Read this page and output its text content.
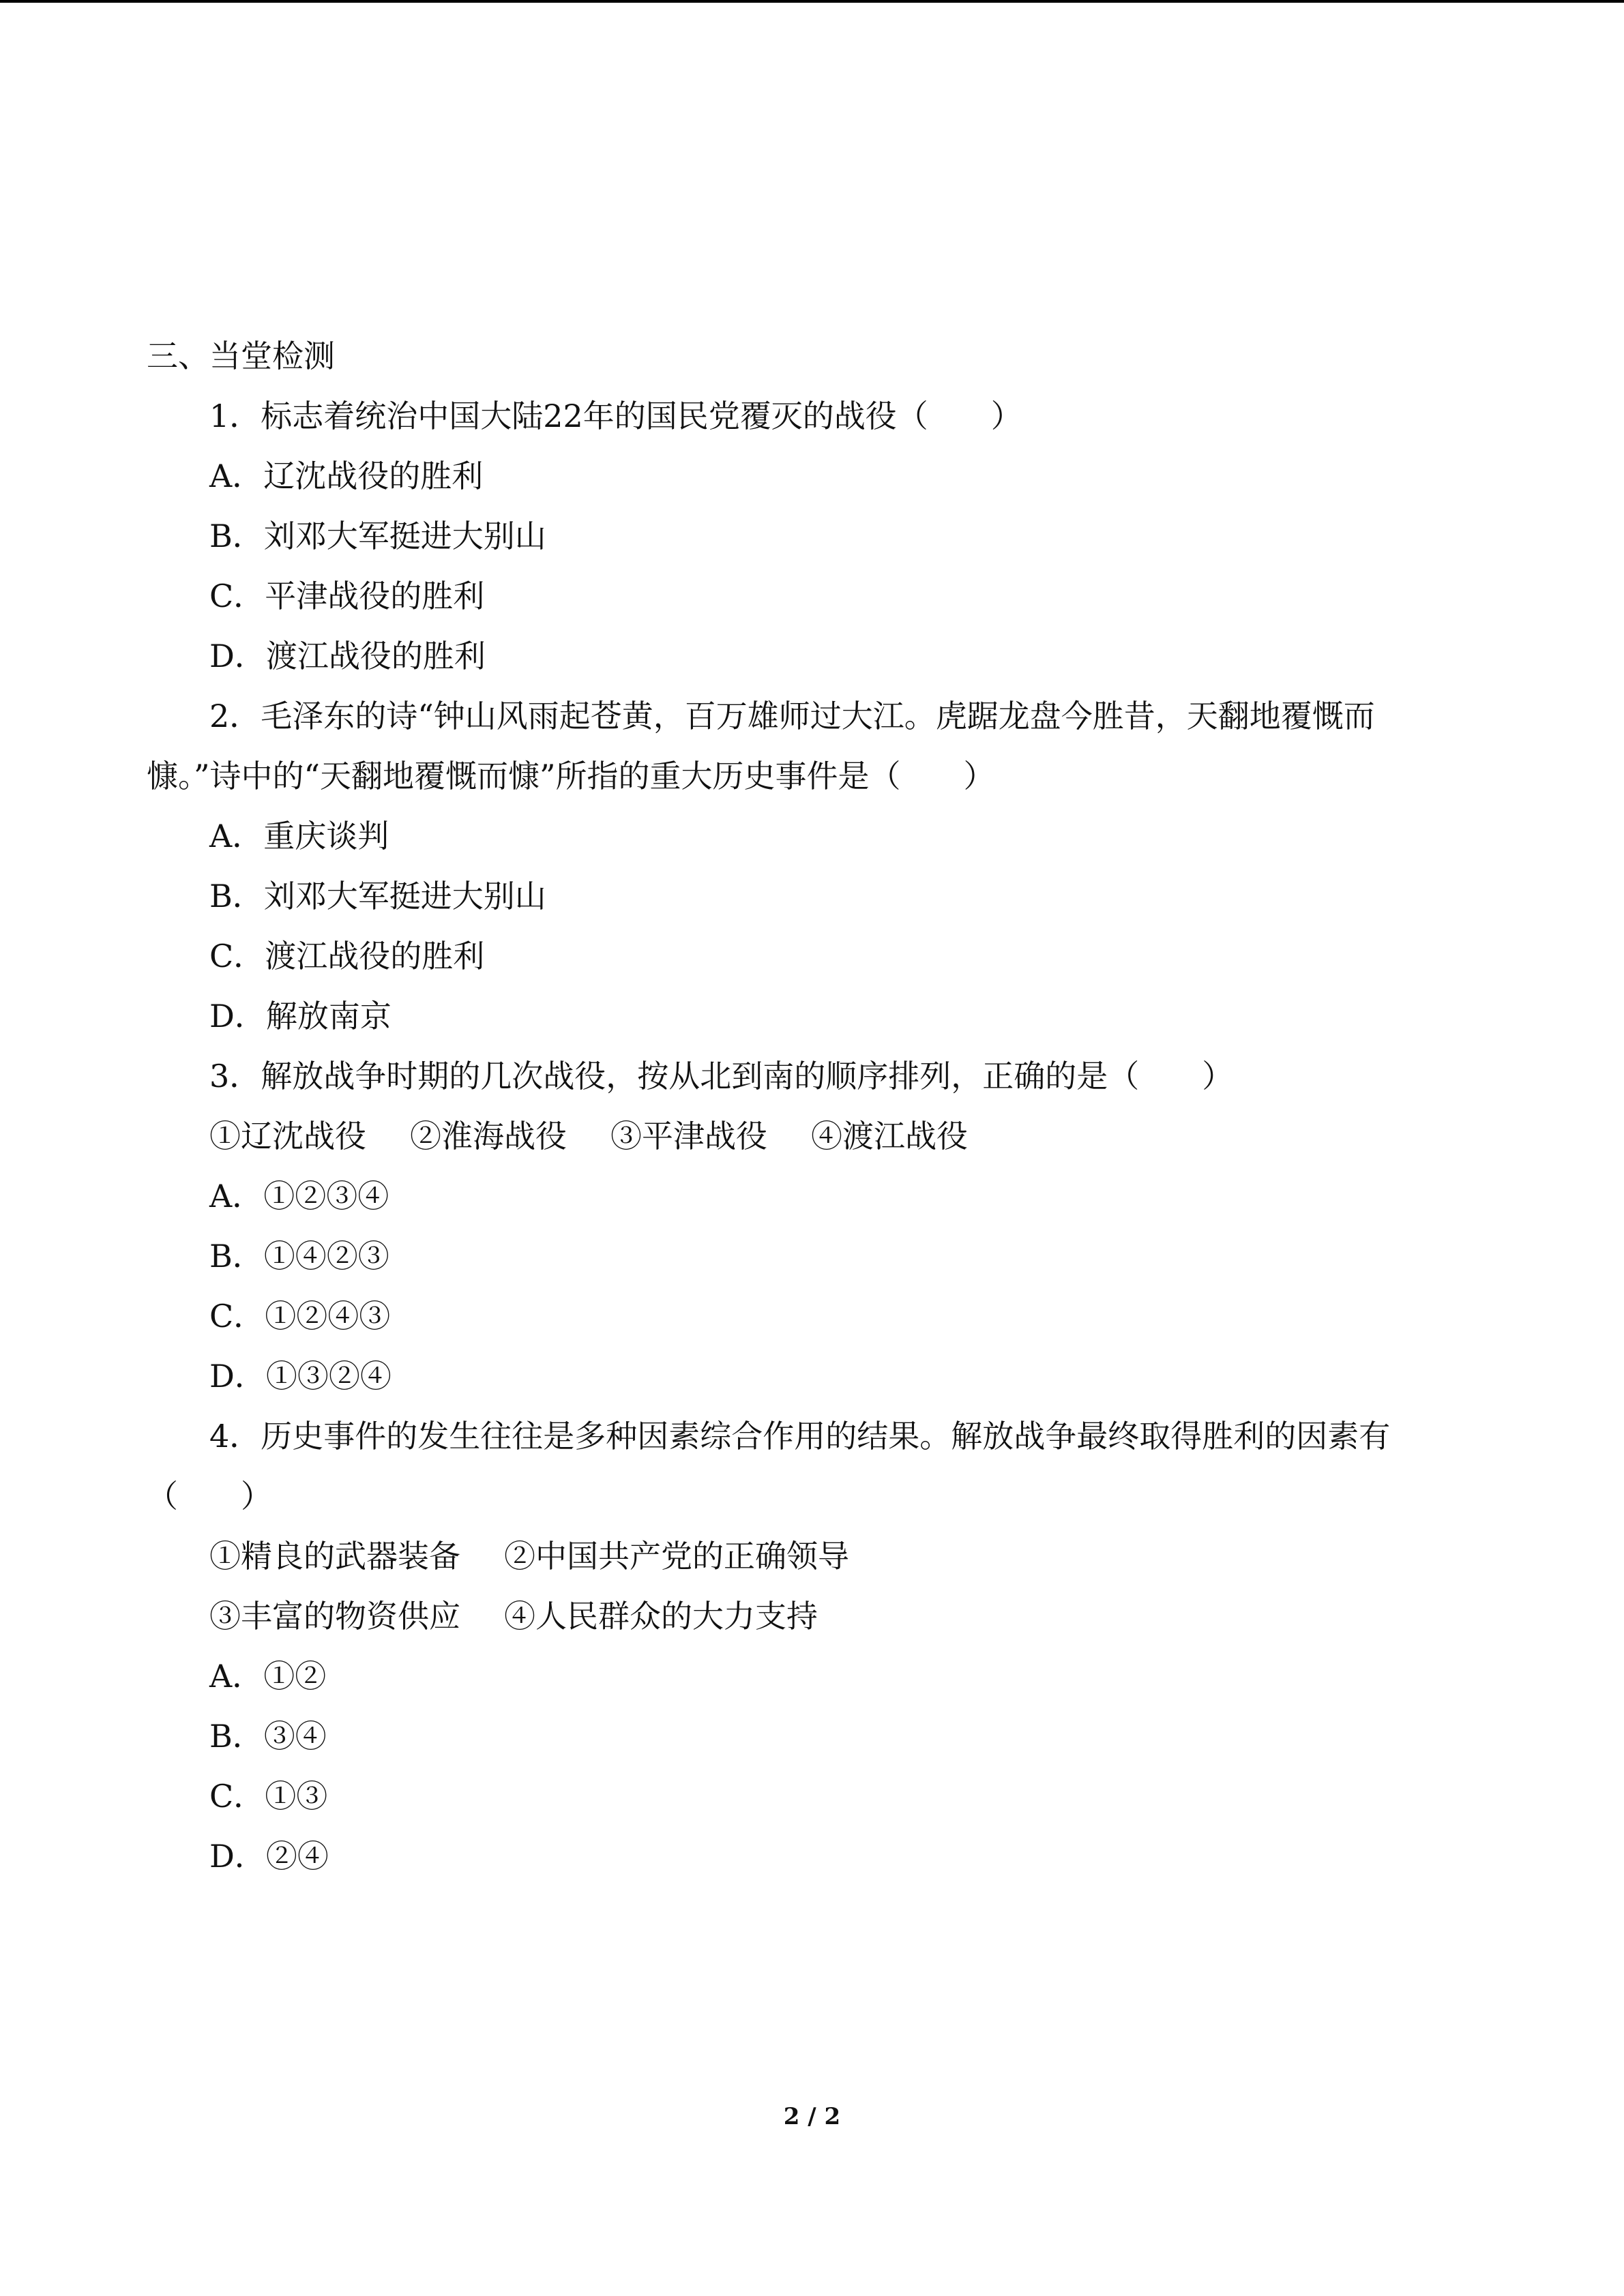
三、当堂检测
1．标志着统治中国大陆22年的国民党覆灭的战役（　　）
A．辽沈战役的胜利
B．刘邓大军挺进大别山
C．平津战役的胜利
D．渡江战役的胜利
2．毛泽东的诗“钟山风雨起苍黄，百万雄师过大江。虎踞龙盘今胜昔，天翻地覆慨而
慷。”诗中的“天翻地覆慨而慷”所指的重大历史事件是（　　）
A．重庆谈判
B．刘邓大军挺进大别山
C．渡江战役的胜利
D．解放南京
3．解放战争时期的几次战役，按从北到南的顺序排列，正确的是（　　）
①辽沈战役 ②淮海战役 ③平津战役 ④渡江战役
A．①②③④
B．①④②③
C．①②④③
D．①③②④
4．历史事件的发生往往是多种因素综合作用的结果。解放战争最终取得胜利的因素有
（　　）
①精良的武器装备 ②中国共产党的正确领导
③丰富的物资供应 ④人民群众的大力支持
A．①②
B．③④
C．①③
D．②④
2 / 2
